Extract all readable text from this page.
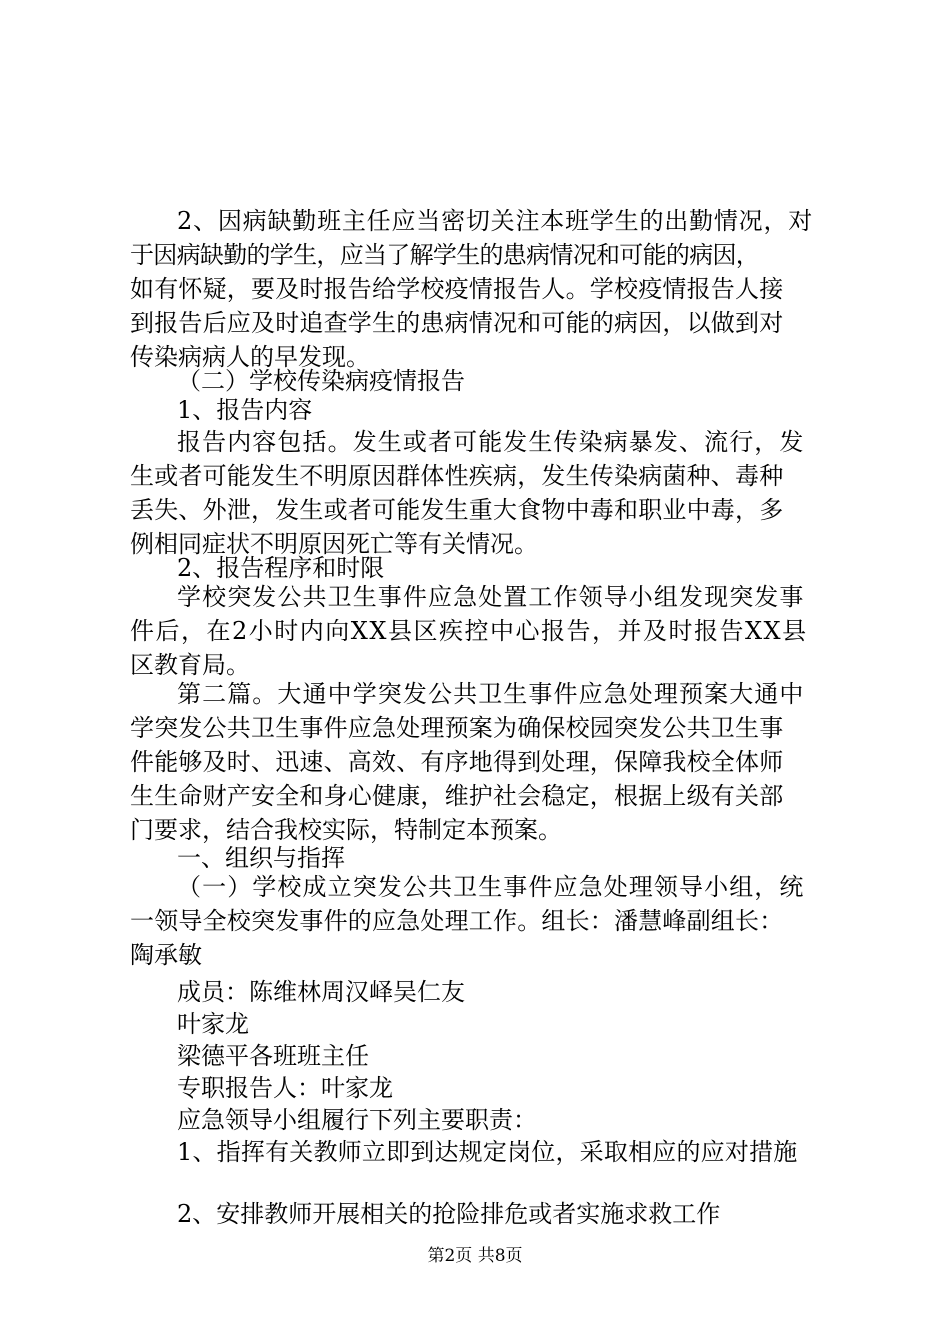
2、因病缺勤班主任应当密切关注本班学生的出勤情况，对

于因病缺勤的学生，应当了解学生的患病情况和可能的病因，

如有怀疑，要及时报告给学校疫情报告人。学校疫情报告人接

到报告后应及时追查学生的患病情况和可能的病因，以做到对

传染病病人的早发现。

（二）学校传染病疫情报告

1、报告内容

报告内容包括。发生或者可能发生传染病暴发、流行，发

生或者可能发生不明原因群体性疾病，发生传染病菌种、毒种

丢失、外泄，发生或者可能发生重大食物中毒和职业中毒，多

例相同症状不明原因死亡等有关情况。

2、报告程序和时限

学校突发公共卫生事件应急处置工作领导小组发现突发事

件后，在2小时内向XX县区疾控中心报告，并及时报告XX县

区教育局。

第二篇。大通中学突发公共卫生事件应急处理预案大通中

学突发公共卫生事件应急处理预案为确保校园突发公共卫生事

件能够及时、迅速、高效、有序地得到处理，保障我校全体师

生生命财产安全和身心健康，维护社会稳定，根据上级有关部

门要求，结合我校实际，特制定本预案。

一、组织与指挥

（一）学校成立突发公共卫生事件应急处理领导小组，统

一领导全校突发事件的应急处理工作。组长：潘慧峰副组长：

陶承敏

成员：陈维林周汉峄吴仁友

叶家龙

梁德平各班班主任

专职报告人：叶家龙

应急领导小组履行下列主要职责：

1、指挥有关教师立即到达规定岗位，采取相应的应对措施

2、安排教师开展相关的抢险排危或者实施求救工作

第2页 共8页
